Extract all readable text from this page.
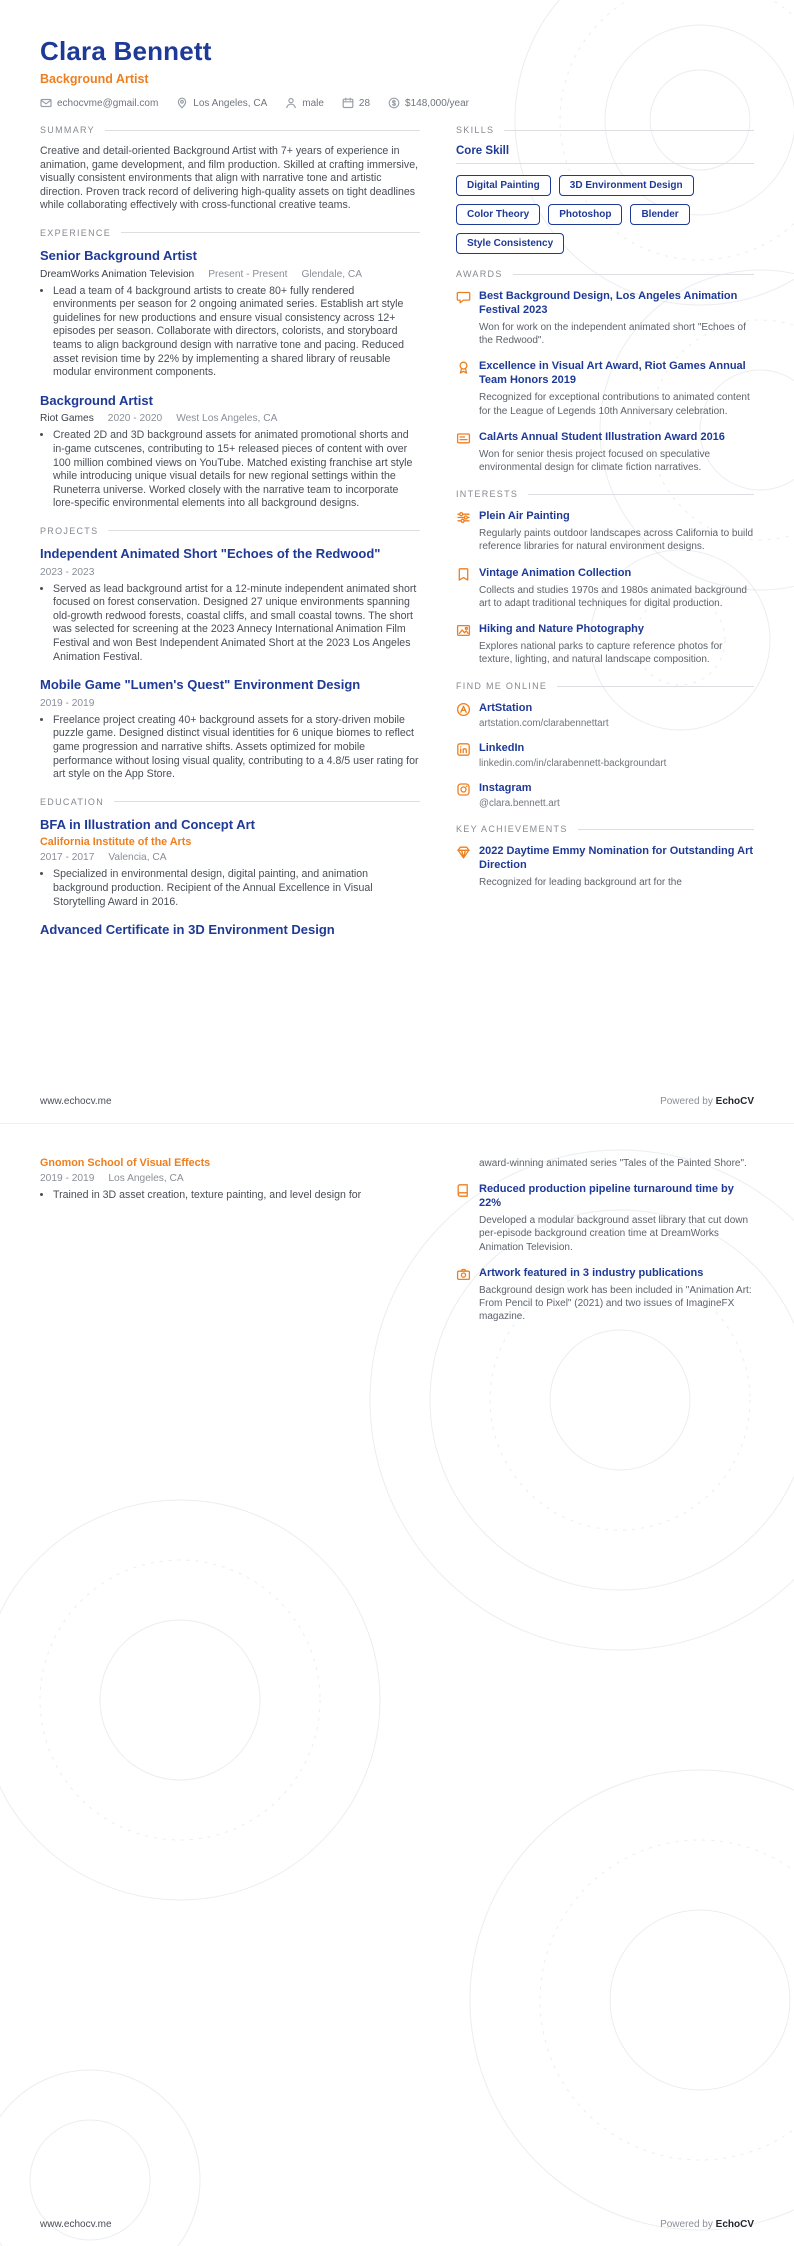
Clara Bennett
Background Artist
echocvme@gmail.com	Los Angeles, CA	male	28	$148,000/year
SUMMARY

Creative and detail-oriented Background Artist with 7+ years of experience in animation, game development, and film production. Skilled at crafting immersive, visually consistent environments that align with narrative tone and artistic direction. Proven track record of delivering high-quality assets on tight deadlines while collaborating effectively with cross-functional creative teams.

EXPERIENCE
Senior Background Artist
DreamWorks Animation Television Present - Present Glendale, CA
• Lead a team of 4 background artists to create 80+ fully rendered environments per season for 2 ongoing animated series. Establish art style guidelines for new productions and ensure visual consistency across 12+ episodes per season. Collaborate with directors, colorists, and storyboard teams to align background design with narrative tone and pacing. Reduced asset revision time by 22% by implementing a shared library of reusable modular environment components.
Background Artist
Riot Games 2020 - 2020 West Los Angeles, CA
• Created 2D and 3D background assets for animated promotional shorts and in-game cutscenes, contributing to 15+ released pieces of content with over 100 million combined views on YouTube. Matched existing franchise art style while introducing unique visual details for new regional settings within the Runeterra universe. Worked closely with the narrative team to incorporate lore-specific environmental elements into all background designs.
PROJECTS
Independent Animated Short "Echoes of the Redwood"
2023 - 2023
• Served as lead background artist for a 12-minute independent animated short focused on forest conservation. Designed 27 unique environments spanning old-growth redwood forests, coastal cliffs, and small coastal towns. The short was selected for screening at the 2023 Annecy International Animation Film Festival and won Best Independent Animated Short at the 2023 Los Angeles Animation Festival.
Mobile Game "Lumen's Quest" Environment Design
2019 - 2019
• Freelance project creating 40+ background assets for a story-driven mobile puzzle game. Designed distinct visual identities for 6 unique biomes to reflect game progression and narrative shifts. Assets optimized for mobile performance without losing visual quality, contributing to a 4.8/5 user rating for art style on the App Store.
EDUCATION
BFA in Illustration and Concept Art
California Institute of the Arts
2017 - 2017 Valencia, CA
• Specialized in environmental design, digital painting, and animation background production. Recipient of the Annual Excellence in Visual Storytelling Award in 2016.
Advanced Certificate in 3D Environment Design
SKILLS
Core Skill
Digital Painting	3D Environment Design
Color Theory	Photoshop	Blender
Style Consistency
AWARDS
Best Background Design, Los Angeles Animation Festival 2023
Won for work on the independent animated short "Echoes of the Redwood".
Excellence in Visual Art Award, Riot Games Annual Team Honors 2019
Recognized for exceptional contributions to animated content for the League of Legends 10th Anniversary celebration.
CalArts Annual Student Illustration Award 2016
Won for senior thesis project focused on speculative environmental design for climate fiction narratives.
INTERESTS
Plein Air Painting
Regularly paints outdoor landscapes across California to build reference libraries for natural environment designs.
Vintage Animation Collection
Collects and studies 1970s and 1980s animated background art to adapt traditional techniques for digital production.
Hiking and Nature Photography
Explores national parks to capture reference photos for texture, lighting, and natural landscape composition.
FIND ME ONLINE
ArtStation
artstation.com/clarabennettart
LinkedIn
linkedin.com/in/clarabennett-backgroundart
Instagram
@clara.bennett.art
KEY ACHIEVEMENTS
2022 Daytime Emmy Nomination for Outstanding Art Direction
Recognized for leading background art for the
www.echocv.me	Powered by EchoCV
Gnomon School of Visual Effects
2019 - 2019 Los Angeles, CA
• Trained in 3D asset creation, texture painting, and level design for
award-winning animated series "Tales of the Painted Shore".
Reduced production pipeline turnaround time by 22%
Developed a modular background asset library that cut down per-episode background creation time at DreamWorks Animation Television.
Artwork featured in 3 industry publications
Background design work has been included in "Animation Art: From Pencil to Pixel" (2021) and two issues of ImagineFX magazine.
www.echocv.me	Powered by EchoCV
